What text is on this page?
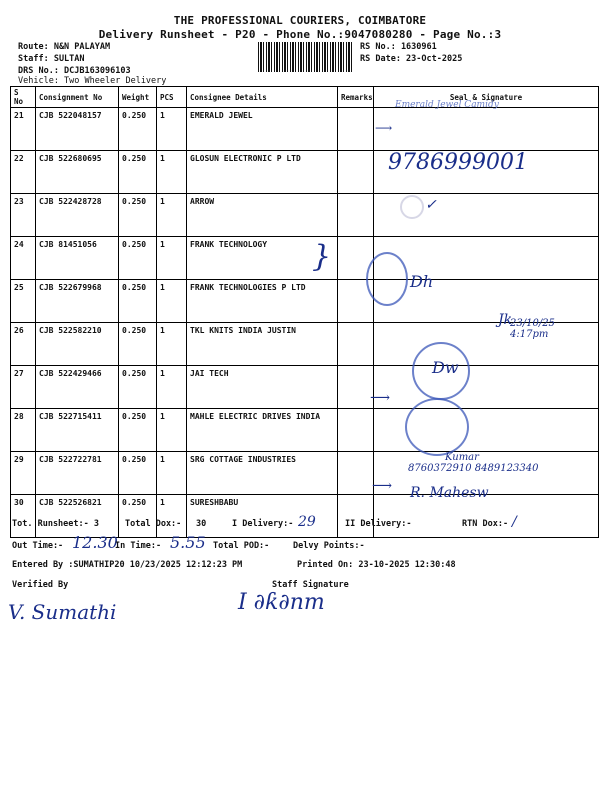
THE PROFESSIONAL COURIERS, COIMBATORE
Delivery Runsheet - P20 - Phone No.:9047080280 - Page No.:3
Route: N&N PALAYAM
Staff: SULTAN
DRS No.: DCJB163096103
Vehicle: Two Wheeler Delivery
RS No.: 1630961
RS Date: 23-Oct-2025
S No	Consignment No	Weight	PCS	Consignee Details	Remarks	Seal & Signature
21	CJB 522048157	0.250	1	EMERALD JEWEL		
22	CJB 522680695	0.250	1	GLOSUN ELECTRONIC P LTD		
23	CJB 522428728	0.250	1	ARROW		
24	CJB 81451056	0.250	1	FRANK TECHNOLOGY		
25	CJB 522679968	0.250	1	FRANK TECHNOLOGIES P LTD		
26	CJB 522582210	0.250	1	TKL KNITS INDIA JUSTIN		
27	CJB 522429466	0.250	1	JAI TECH		
28	CJB 522715411	0.250	1	MAHLE ELECTRIC DRIVES INDIA		
29	CJB 522722781	0.250	1	SRG COTTAGE INDUSTRIES		
30	CJB 522526821	0.250	1	SURESHBABU		
Emerald Jewel Camidy
⟶
9786999001
✓
}
Dh
23/10/25 4:17pm
Jk
Dw
⟶
Kumar
8760372910 8489123340
⟶ R. Mahesw
Tot. Runsheet:- 3	Total Dox:- 30	I Delivery:- 29	II Delivery:-	RTN Dox:- /
Out Time:- 12.30
In Time:- 5.55 Total POD:-	Delvy Points:-
Entered By :SUMATHIP20 10/23/2025 12:12:23 PM	Printed On: 23-10-2025 12:30:48
Verified By	Staff Signature
V. Sumathi	I ∂ƙ∂nm
